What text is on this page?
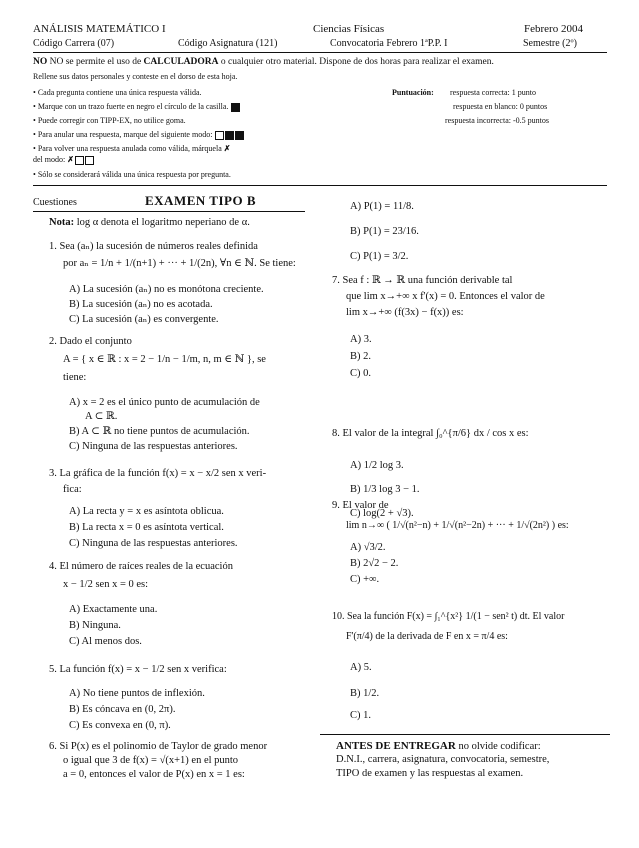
ANÁLISIS MATEMÁTICO I	Ciencias Físicas	Febrero 2004
Código Carrera (07)	Código Asignatura (121)	Convocatoria Febrero 1ªP.P. I	Semestre (2º)
NO NO se permite el uso de CALCULADORA o cualquier otro material. Dispone de dos horas para realizar el examen.
Rellene sus datos personales y conteste en el dorso de esta hoja.
• Cada pregunta contiene una única respuesta válida.
• Marque con un trazo fuerte en negro el círculo de la casilla.
• Puede corregir con TIPP-EX, no utilice goma.
• Para anular una respuesta, marque del siguiente modo:
• Para volver una respuesta anulada como válida, márquela ✗
del modo: ✗
• Sólo se considerará válida una única respuesta por pregunta.
Puntuación: respuesta correcta: 1 punto
respuesta en blanco: 0 puntos
respuesta incorrecta: -0.5 puntos
Cuestiones	EXAMEN TIPO B
Nota: log α denota el logaritmo neperiano de α.
1. Sea (aₙ) la sucesión de números reales definida
por aₙ = 1/n + 1/(n+1) + ··· + 1/(2n), ∀n ∈ ℕ. Se tiene:
A) La sucesión (aₙ) no es monótona creciente.
B) La sucesión (aₙ) no es acotada.
C) La sucesión (aₙ) es convergente.
2. Dado el conjunto
A = { x ∈ ℝ : x = 2 − 1/n − 1/m, n, m ∈ ℕ }, se
tiene:
A) x = 2 es el único punto de acumulación de
A ⊂ ℝ.
B) A ⊂ ℝ no tiene puntos de acumulación.
C) Ninguna de las respuestas anteriores.
3. La gráfica de la función f(x) = x − x/2 sen x veri-
fica:
A) La recta y = x es asíntota oblicua.
B) La recta x = 0 es asíntota vertical.
C) Ninguna de las respuestas anteriores.
4. El número de raíces reales de la ecuación
x − 1/2 sen x = 0 es:
A) Exactamente una.
B) Ninguna.
C) Al menos dos.
5. La función f(x) = x − 1/2 sen x verifica:
A) No tiene puntos de inflexión.
B) Es cóncava en (0, 2π).
C) Es convexa en (0, π).
6. Si P(x) es el polinomio de Taylor de grado menor
o igual que 3 de f(x) = √(x+1) en el punto
a = 0, entonces el valor de P(x) en x = 1 es:
A) P(1) = 11/8.
B) P(1) = 23/16.
C) P(1) = 3/2.
7. Sea f : ℝ → ℝ una función derivable tal
que lim x→+∞ x f'(x) = 0. Entonces el valor de
lim x→+∞ (f(3x) − f(x)) es:
A) 3.
B) 2.
C) 0.
8. El valor de la integral ∫₀^{π/6} dx / cos x es:
A) 1/2 log 3.
B) 1/3 log 3 − 1.
C) log(2 + √3).
9. El valor de
lim n→∞ ( 1/√(n²−n) + 1/√(n²−2n) + ··· + 1/√(2n²) ) es:
A) √3/2.
B) 2√2 − 2.
C) +∞.
10. Sea la función F(x) = ∫₁^{x²} 1/(1 − sen² t) dt. El valor
F'(π/4) de la derivada de F en x = π/4 es:
A) 5.
B) 1/2.
C) 1.
ANTES DE ENTREGAR no olvide codificar:
D.N.I., carrera, asignatura, convocatoria, semestre,
TIPO de examen y las respuestas al examen.
